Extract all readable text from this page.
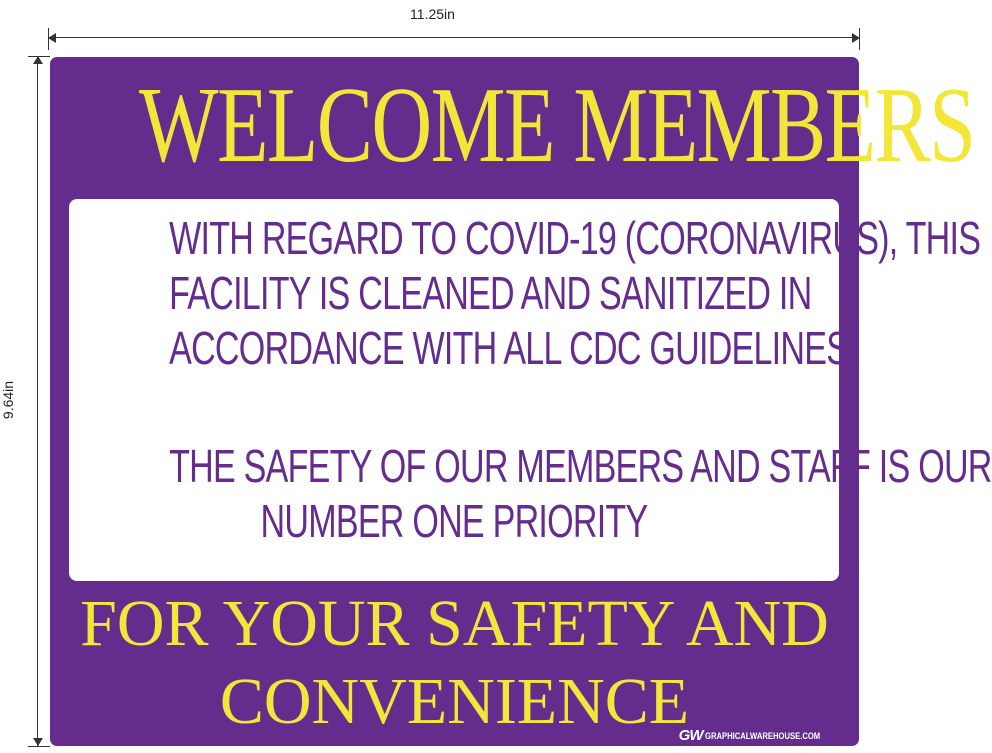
11.25in
9.64in
WELCOME MEMBERS
WITH REGARD TO COVID-19 (CORONAVIRUS), THIS
FACILITY IS CLEANED AND SANITIZED IN
ACCORDANCE WITH ALL CDC GUIDELINES
THE SAFETY OF OUR MEMBERS AND STAFF IS OUR
NUMBER ONE PRIORITY
FOR YOUR SAFETY AND
CONVENIENCE
GW GRAPHICALWAREHOUSE.COM
